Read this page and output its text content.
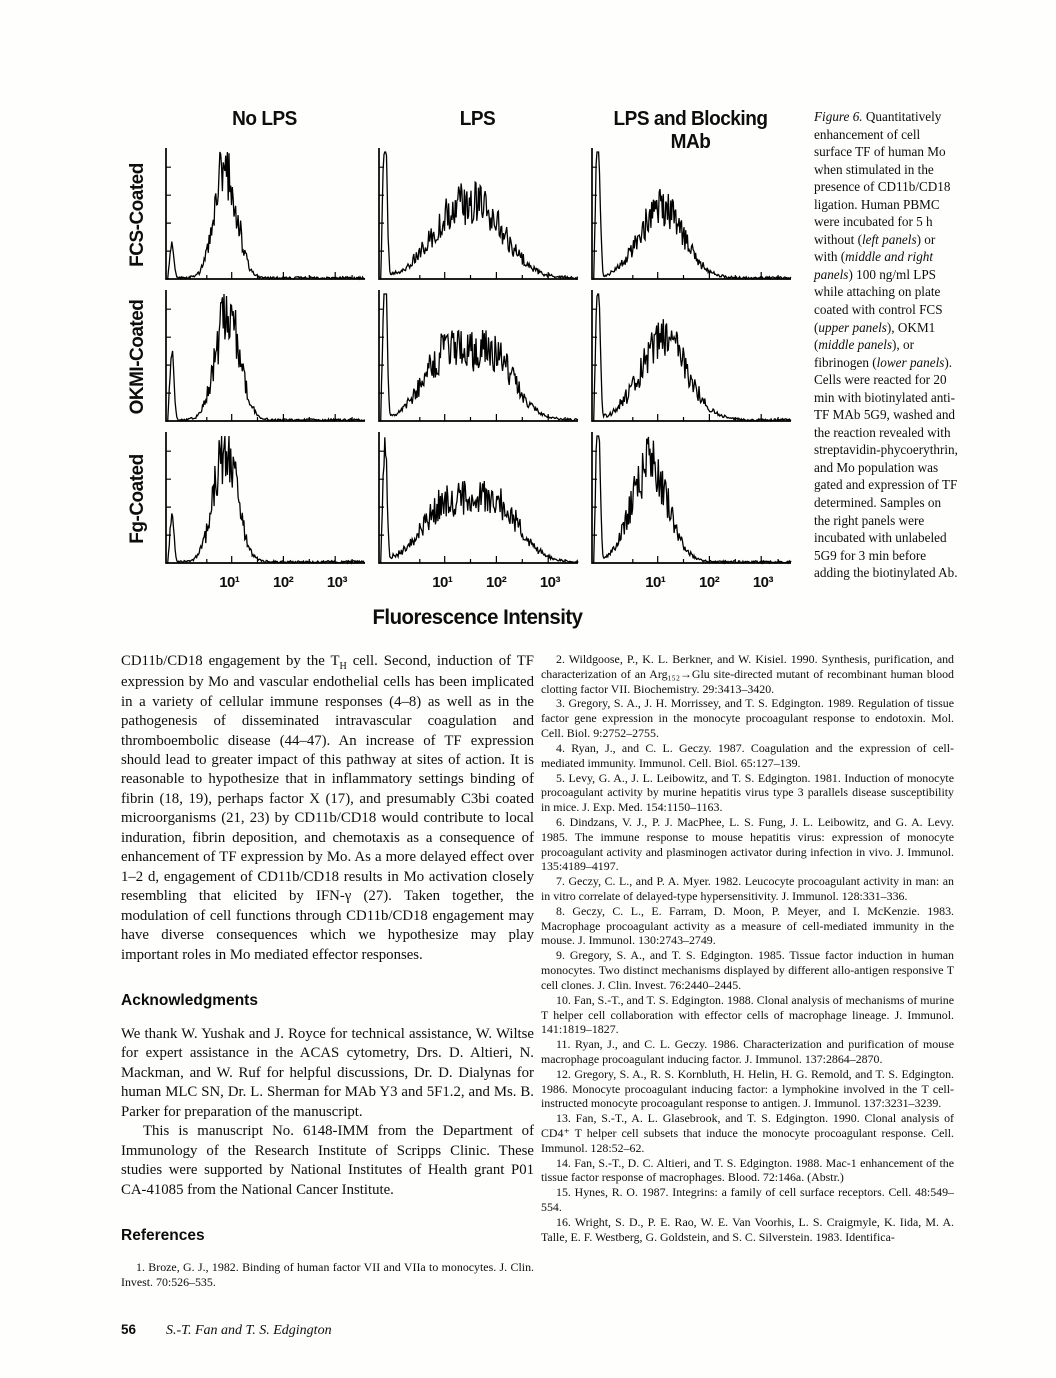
No LPS	LPS	LPS and Blocking MAb
FCS-Coated
OKMI-Coated
Fg-Coated
10¹ 10² 10³	10¹ 10² 10³	10¹ 10² 10³
Fluorescence Intensity

Figure 6. Quantitatively enhancement of cell surface TF of human Mo when stimulated in the presence of CD11b/CD18 ligation. Human PBMC were incubated for 5 h without (left panels) or with (middle and right panels) 100 ng/ml LPS while attaching on plate coated with control FCS (upper panels), OKM1 (middle panels), or fibrinogen (lower panels). Cells were reacted for 20 min with biotinylated anti-TF MAb 5G9, washed and the reaction revealed with streptavidin-phycoerythrin, and Mo population was gated and expression of TF determined. Samples on the right panels were incubated with unlabeled 5G9 for 3 min before adding the biotinylated Ab.

CD11b/CD18 engagement by the $T_H$ cell. Second, induction of TF expression by Mo and vascular endothelial cells has been implicated in a variety of cellular immune responses (4–8) as well as in the pathogenesis of disseminated intravascular coagulation and thromboembolic disease (44–47). An increase of TF expression should lead to greater impact of this pathway at sites of action. It is reasonable to hypothesize that in inflammatory settings binding of fibrin (18, 19), perhaps factor X (17), and presumably C3bi coated microorganisms (21, 23) by CD11b/CD18 would contribute to local induration, fibrin deposition, and chemotaxis as a consequence of enhancement of TF expression by Mo. As a more delayed effect over 1–2 d, engagement of CD11b/CD18 results in Mo activation closely resembling that elicited by IFN-γ (27). Taken together, the modulation of cell functions through CD11b/CD18 engagement may have diverse consequences which we hypothesize may play important roles in Mo mediated effector responses.

Acknowledgments

We thank W. Yushak and J. Royce for technical assistance, W. Wiltse for expert assistance in the ACAS cytometry, Drs. D. Altieri, N. Mackman, and W. Ruf for helpful discussions, Dr. D. Dialynas for human MLC SN, Dr. L. Sherman for MAb Y3 and 5F1.2, and Ms. B. Parker for preparation of the manuscript.

This is manuscript No. 6148-IMM from the Department of Immunology of the Research Institute of Scripps Clinic. These studies were supported by National Institutes of Health grant P01 CA-41085 from the National Cancer Institute.

References

1. Broze, G. J., 1982. Binding of human factor VII and VIIa to monocytes. J. Clin. Invest. 70:526–535.

56 S.-T. Fan and T. S. Edgington

2. Wildgoose, P., K. L. Berkner, and W. Kisiel. 1990. Synthesis, purification, and characterization of an Arg₁₅₂→Glu site-directed mutant of recombinant human blood clotting factor VII. Biochemistry. 29:3413–3420.

3. Gregory, S. A., J. H. Morrissey, and T. S. Edgington. 1989. Regulation of tissue factor gene expression in the monocyte procoagulant response to endotoxin. Mol. Cell. Biol. 9:2752–2755.

4. Ryan, J., and C. L. Geczy. 1987. Coagulation and the expression of cell-mediated immunity. Immunol. Cell. Biol. 65:127–139.

5. Levy, G. A., J. L. Leibowitz, and T. S. Edgington. 1981. Induction of monocyte procoagulant activity by murine hepatitis virus type 3 parallels disease susceptibility in mice. J. Exp. Med. 154:1150–1163.

6. Dindzans, V. J., P. J. MacPhee, L. S. Fung, J. L. Leibowitz, and G. A. Levy. 1985. The immune response to mouse hepatitis virus: expression of monocyte procoagulant activity and plasminogen activator during infection in vivo. J. Immunol. 135:4189–4197.

7. Geczy, C. L., and P. A. Myer. 1982. Leucocyte procoagulant activity in man: an in vitro correlate of delayed-type hypersensitivity. J. Immunol. 128:331–336.

8. Geczy, C. L., E. Farram, D. Moon, P. Meyer, and I. McKenzie. 1983. Macrophage procoagulant activity as a measure of cell-mediated immunity in the mouse. J. Immunol. 130:2743–2749.

9. Gregory, S. A., and T. S. Edgington. 1985. Tissue factor induction in human monocytes. Two distinct mechanisms displayed by different allo-antigen responsive T cell clones. J. Clin. Invest. 76:2440–2445.

10. Fan, S.-T., and T. S. Edgington. 1988. Clonal analysis of mechanisms of murine T helper cell collaboration with effector cells of macrophage lineage. J. Immunol. 141:1819–1827.

11. Ryan, J., and C. L. Geczy. 1986. Characterization and purification of mouse macrophage procoagulant inducing factor. J. Immunol. 137:2864–2870.

12. Gregory, S. A., R. S. Kornbluth, H. Helin, H. G. Remold, and T. S. Edgington. 1986. Monocyte procoagulant inducing factor: a lymphokine involved in the T cell-instructed monocyte procoagulant response to antigen. J. Immunol. 137:3231–3239.

13. Fan, S.-T., A. L. Glasebrook, and T. S. Edgington. 1990. Clonal analysis of CD4⁺ T helper cell subsets that induce the monocyte procoagulant response. Cell. Immunol. 128:52–62.

14. Fan, S.-T., D. C. Altieri, and T. S. Edgington. 1988. Mac-1 enhancement of the tissue factor response of macrophages. Blood. 72:146a. (Abstr.)

15. Hynes, R. O. 1987. Integrins: a family of cell surface receptors. Cell. 48:549–554.

16. Wright, S. D., P. E. Rao, W. E. Van Voorhis, L. S. Craigmyle, K. Iida, M. A. Talle, E. F. Westberg, G. Goldstein, and S. C. Silverstein. 1983. Identifica-
